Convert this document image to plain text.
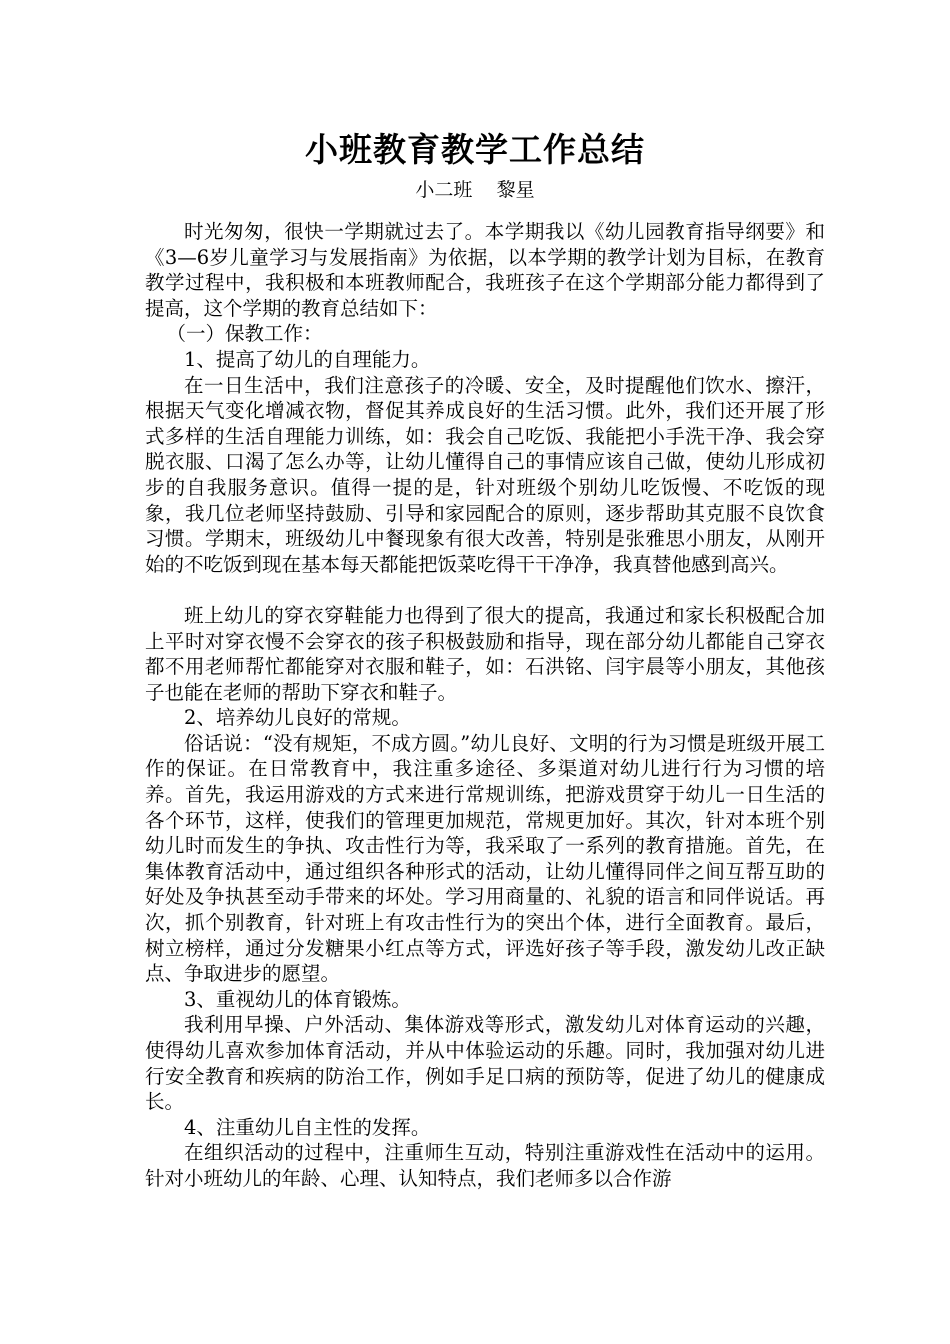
小班教育教学工作总结
小二班    黎星

时光匆匆，很快一学期就过去了。本学期我以《幼儿园教育指导纲要》和《3—6岁儿童学习与发展指南》为依据，以本学期的教学计划为目标，在教育教学过程中，我积极和本班教师配合，我班孩子在这个学期部分能力都得到了提高，这个学期的教育总结如下：

（一）保教工作：

1、提高了幼儿的自理能力。

在一日生活中，我们注意孩子的冷暖、安全，及时提醒他们饮水、擦汗，根据天气变化增减衣物，督促其养成良好的生活习惯。此外，我们还开展了形式多样的生活自理能力训练，如：我会自己吃饭、我能把小手洗干净、我会穿脱衣服、口渴了怎么办等，让幼儿懂得自己的事情应该自己做，使幼儿形成初步的自我服务意识。值得一提的是，针对班级个别幼儿吃饭慢、不吃饭的现象，我几位老师坚持鼓励、引导和家园配合的原则，逐步帮助其克服不良饮食习惯。学期末，班级幼儿中餐现象有很大改善，特别是张雅思小朋友，从刚开始的不吃饭到现在基本每天都能把饭菜吃得干干净净，我真替他感到高兴。

班上幼儿的穿衣穿鞋能力也得到了很大的提高，我通过和家长积极配合加上平时对穿衣慢不会穿衣的孩子积极鼓励和指导，现在部分幼儿都能自己穿衣都不用老师帮忙都能穿对衣服和鞋子，如：石洪铭、闫宇晨等小朋友，其他孩子也能在老师的帮助下穿衣和鞋子。

2、培养幼儿良好的常规。

俗话说：“没有规矩，不成方圆。”幼儿良好、文明的行为习惯是班级开展工作的保证。在日常教育中，我注重多途径、多渠道对幼儿进行行为习惯的培养。首先，我运用游戏的方式来进行常规训练，把游戏贯穿于幼儿一日生活的各个环节，这样，使我们的管理更加规范，常规更加好。其次，针对本班个别幼儿时而发生的争执、攻击性行为等，我采取了一系列的教育措施。首先，在集体教育活动中，通过组织各种形式的活动，让幼儿懂得同伴之间互帮互助的好处及争执甚至动手带来的坏处。学习用商量的、礼貌的语言和同伴说话。再次，抓个别教育，针对班上有攻击性行为的突出个体，进行全面教育。最后，树立榜样，通过分发糖果小红点等方式，评选好孩子等手段，激发幼儿改正缺点、争取进步的愿望。

3、重视幼儿的体育锻炼。

我利用早操、户外活动、集体游戏等形式，激发幼儿对体育运动的兴趣，使得幼儿喜欢参加体育活动，并从中体验运动的乐趣。同时，我加强对幼儿进行安全教育和疾病的防治工作，例如手足口病的预防等，促进了幼儿的健康成长。

4、注重幼儿自主性的发挥。

在组织活动的过程中，注重师生互动，特别注重游戏性在活动中的运用。针对小班幼儿的年龄、心理、认知特点，我们老师多以合作游
